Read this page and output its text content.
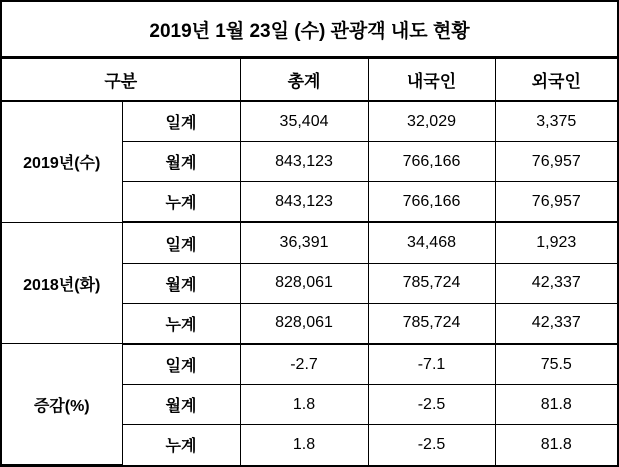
2019년 1월 23일 (수) 관광객 내도 현황
구분		총계	내국인	외국인
2019년(수)	일계	35,404	32,029	3,375
	월계	843,123	766,166	76,957
	누계	843,123	766,166	76,957
2018년(화)	일계	36,391	34,468	1,923
	월계	828,061	785,724	42,337
	누계	828,061	785,724	42,337
증감(%)	일계	-2.7	-7.1	75.5
	월계	1.8	-2.5	81.8
	누계	1.8	-2.5	81.8
